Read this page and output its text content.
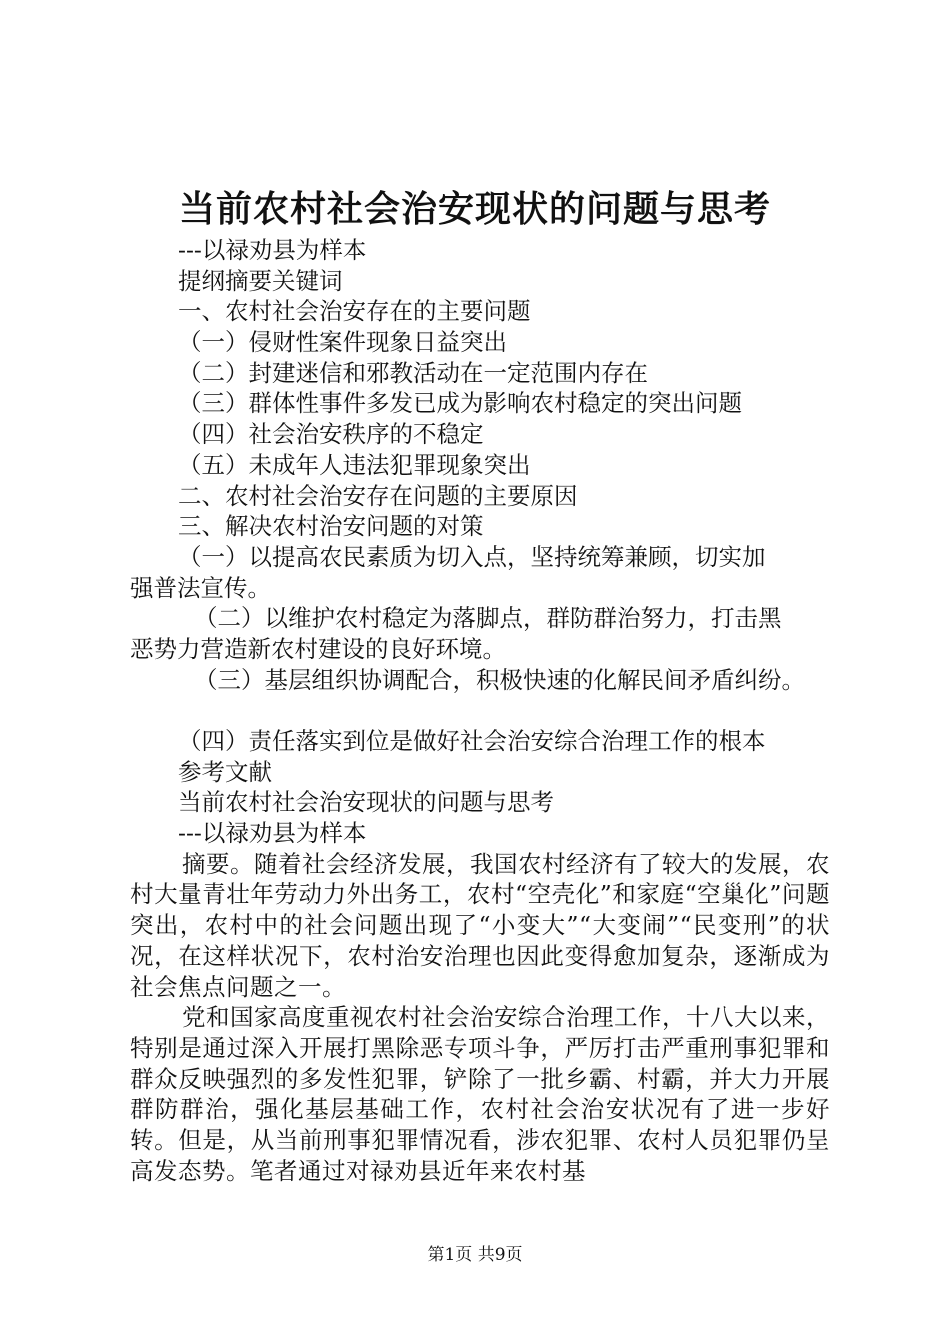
当前农村社会治安现状的问题与思考
---以禄劝县为样本
提纲摘要关键词
一、农村社会治安存在的主要问题
（一）侵财性案件现象日益突出
（二）封建迷信和邪教活动在一定范围内存在
（三）群体性事件多发已成为影响农村稳定的突出问题
（四）社会治安秩序的不稳定
（五）未成年人违法犯罪现象突出
二、农村社会治安存在问题的主要原因
三、解决农村治安问题的对策
（一）以提高农民素质为切入点，坚持统筹兼顾，切实加
强普法宣传。
（二）以维护农村稳定为落脚点，群防群治努力，打击黑
恶势力营造新农村建设的良好环境。
（三）基层组织协调配合，积极快速的化解民间矛盾纠纷。
（四）责任落实到位是做好社会治安综合治理工作的根本
参考文献
当前农村社会治安现状的问题与思考
---以禄劝县为样本

摘要。随着社会经济发展，我国农村经济有了较大的发展，农村大量青壮年劳动力外出务工，农村“空壳化”和家庭“空巢化”问题突出，农村中的社会问题出现了“小变大”“大变闹”“民变刑”的状况，在这样状况下，农村治安治理也因此变得愈加复杂，逐渐成为社会焦点问题之一。

党和国家高度重视农村社会治安综合治理工作，十八大以来，特别是通过深入开展打黑除恶专项斗争，严厉打击严重刑事犯罪和群众反映强烈的多发性犯罪，铲除了一批乡霸、村霸，并大力开展群防群治，强化基层基础工作，农村社会治安状况有了进一步好转。但是，从当前刑事犯罪情况看，涉农犯罪、农村人员犯罪仍呈高发态势。笔者通过对禄劝县近年来农村基

第1页 共9页
